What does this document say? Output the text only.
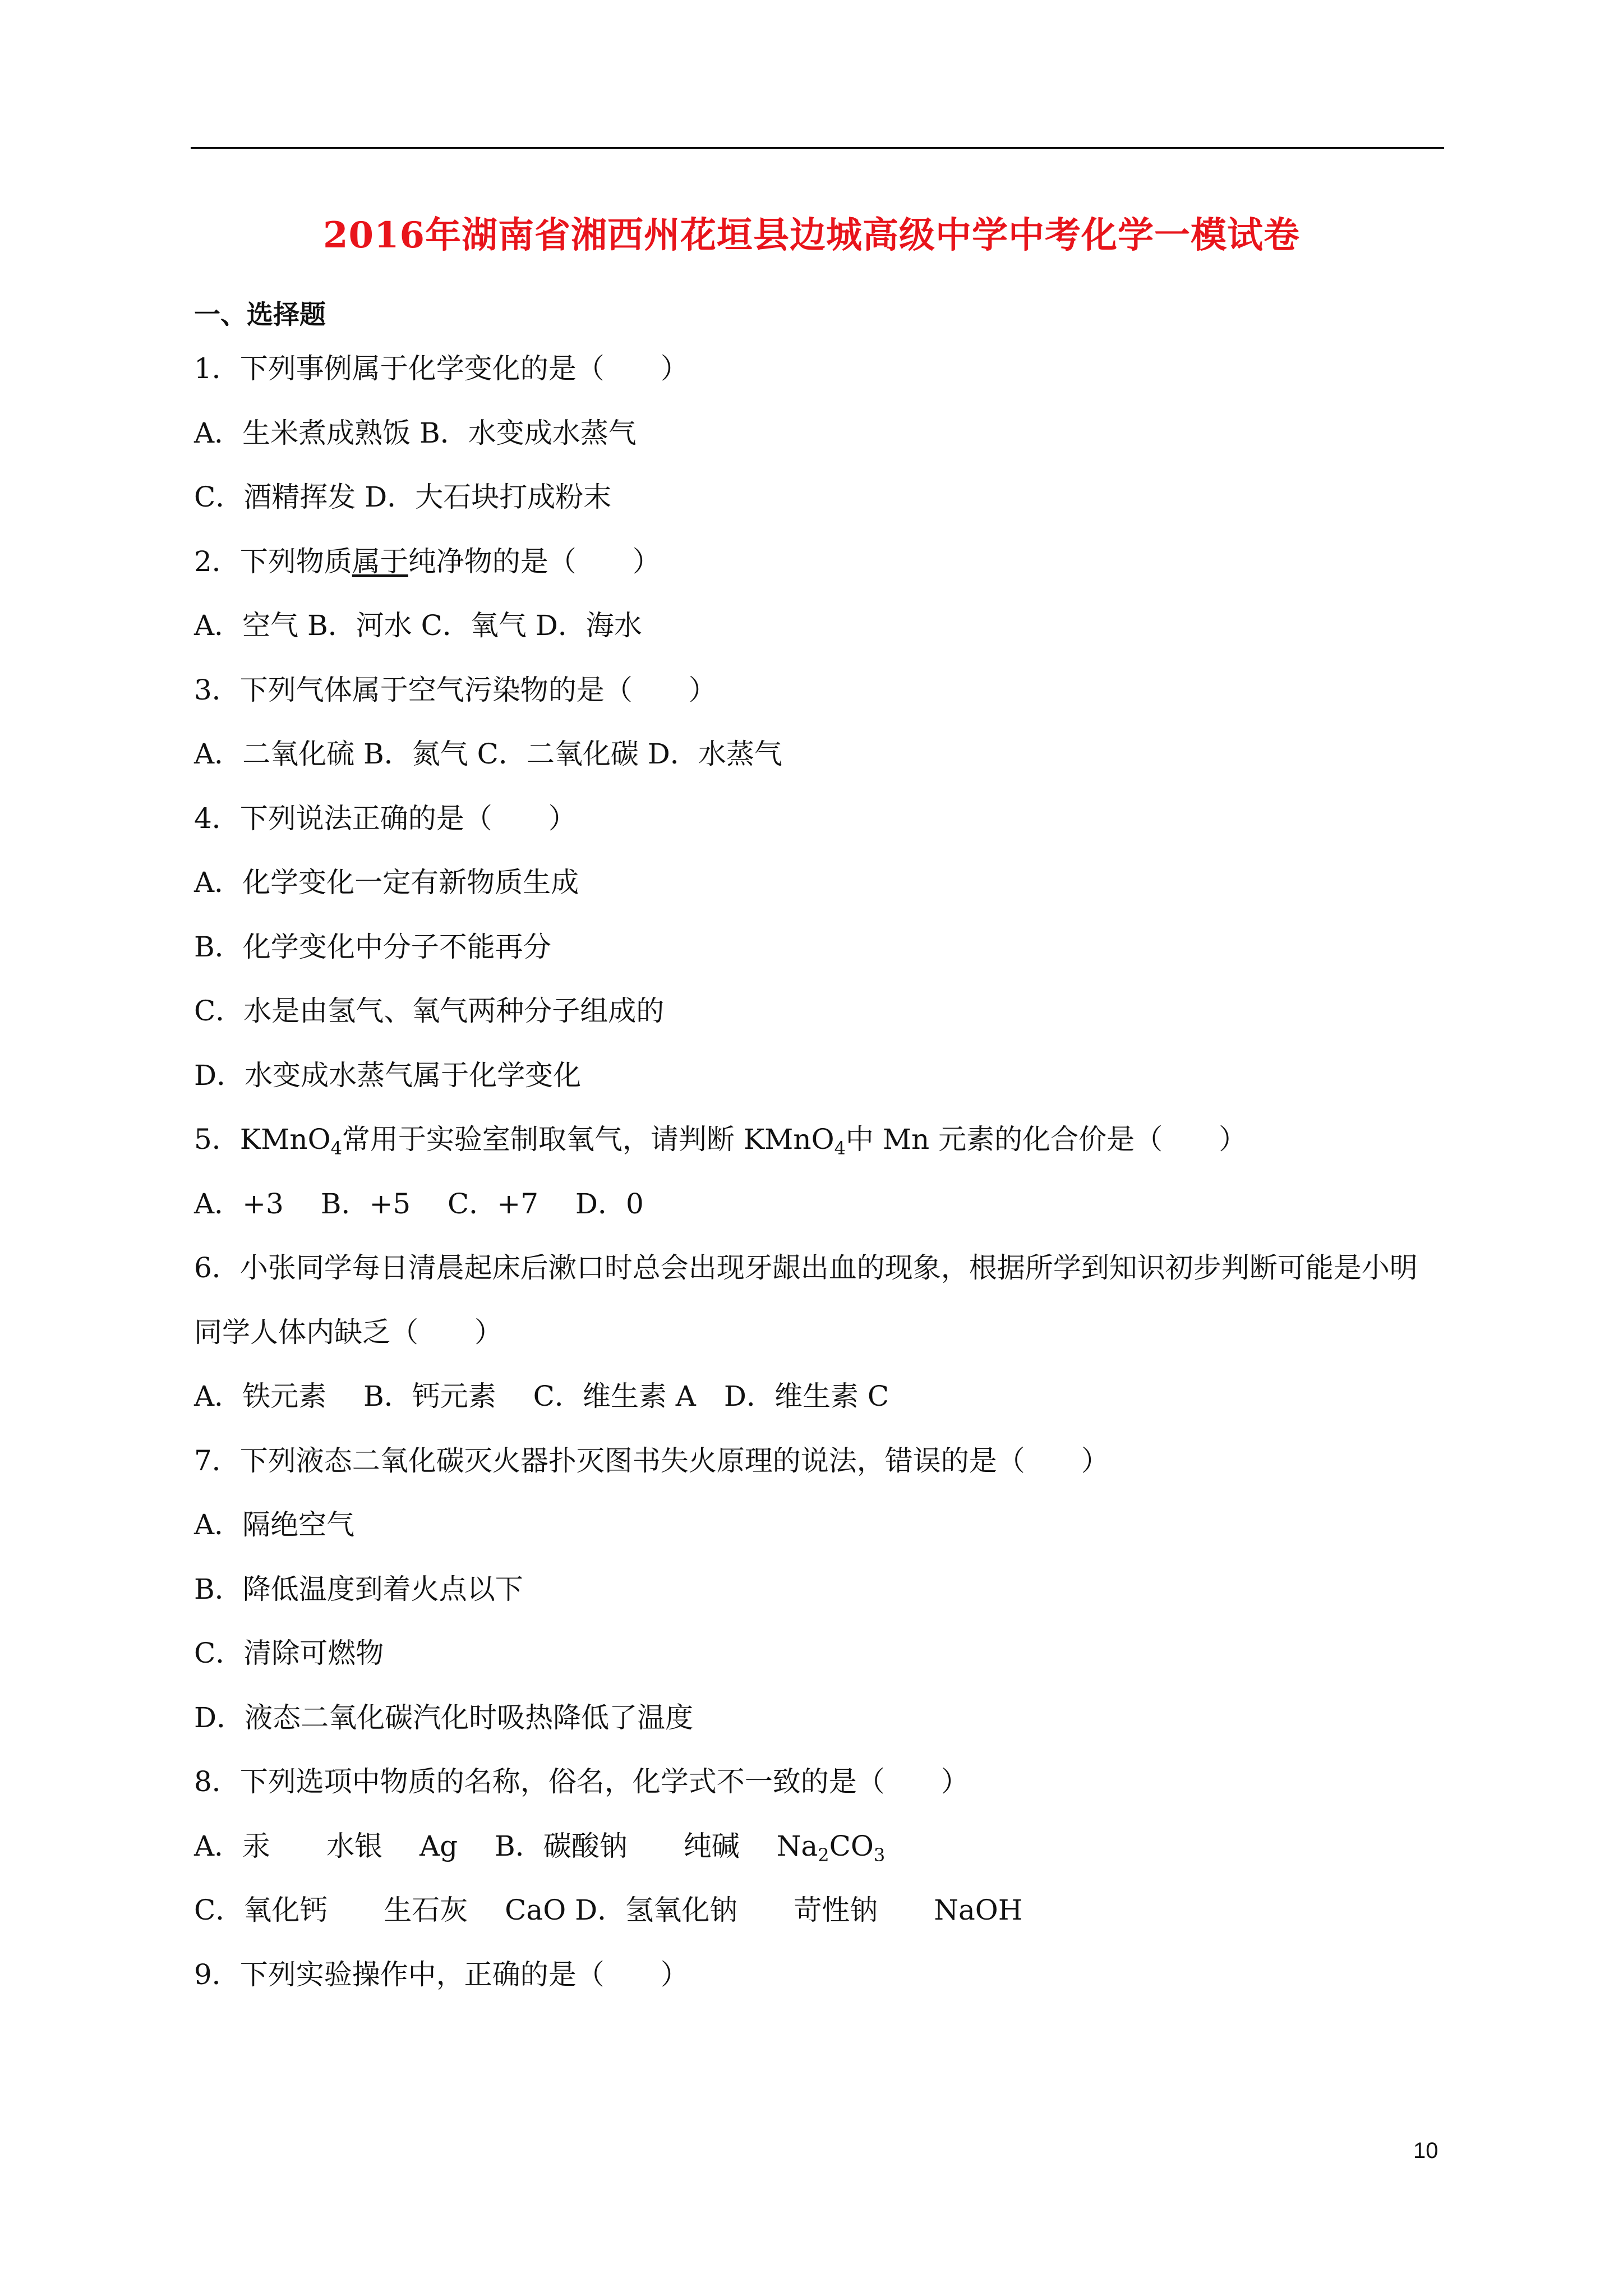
2016年湖南省湘西州花垣县边城高级中学中考化学一模试卷
一、选择题
1．下列事例属于化学变化的是（　　）
A．生米煮成熟饭 B．水变成水蒸气
C．酒精挥发 D．大石块打成粉末
2．下列物质属于纯净物的是（　　）
A．空气 B．河水 C．氧气 D．海水
3．下列气体属于空气污染物的是（　　）
A．二氧化硫 B．氮气 C．二氧化碳 D．水蒸气
4．下列说法正确的是（　　）
A．化学变化一定有新物质生成
B．化学变化中分子不能再分
C．水是由氢气、氧气两种分子组成的
D．水变成水蒸气属于化学变化
5．KMnO$_4$常用于实验室制取氧气，请判断 KMnO$_4$中 Mn 元素的化合价是（　　）
A．+3　 B．+5　 C．+7　 D．0
6．小张同学每日清晨起床后漱口时总会出现牙龈出血的现象，根据所学到知识初步判断可能是小明
同学人体内缺乏（　　）
A．铁元素　 B．钙元素　 C．维生素 A　D．维生素 C
7．下列液态二氧化碳灭火器扑灭图书失火原理的说法，错误的是（　　）
A．隔绝空气
B．降低温度到着火点以下
C．清除可燃物
D．液态二氧化碳汽化时吸热降低了温度
8．下列选项中物质的名称，俗名，化学式不一致的是（　　）
A．汞　　水银　 Ag　 B．碳酸钠　　纯碱　 $Na_2CO_3$
C．氧化钙　　生石灰　 CaO D．氢氧化钠　　苛性钠　　NaOH
9．下列实验操作中，正确的是（　　）
10
